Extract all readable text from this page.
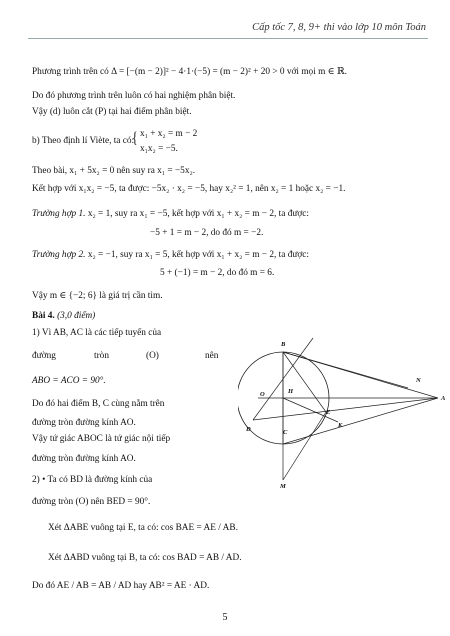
Cấp tốc 7, 8, 9+ thi vào lớp 10 môn Toán
Phương trình trên có Δ = [−(m − 2)]² − 4·1·(−5) = (m − 2)² + 20 > 0 với mọi m ∈ ℝ.
Do đó phương trình trên luôn có hai nghiệm phân biệt.
Vậy (d) luôn cắt (P) tại hai điểm phân biệt.
b) Theo định lí Viète, ta có:
{ x₁ + x₂ = m − 2
x₁x₂ = −5.
Theo bài, x₁ + 5x₂ = 0 nên suy ra x₁ = −5x₂.
Kết hợp với x₁x₂ = −5, ta được: −5x₂ · x₂ = −5, hay x₂² = 1, nên x₂ = 1 hoặc x₂ = −1.
Trường hợp 1. x₂ = 1, suy ra x₁ = −5, kết hợp với x₁ + x₂ = m − 2, ta được:
−5 + 1 = m − 2, do đó m = −2.
Trường hợp 2. x₂ = −1, suy ra x₁ = 5, kết hợp với x₁ + x₂ = m − 2, ta được:
5 + (−1) = m − 2, do đó m = 6.
Vậy m ∈ {−2; 6} là giá trị cần tìm.
Bài 4. (3,0 điểm)
1) Vì AB, AC là các tiếp tuyến của
đường	tròn	(O)	nên
ABO = ACO = 90°.
Do đó hai điểm B, C cùng nằm trên
đường tròn đường kính AO.
Vậy tứ giác ABOC là tứ giác nội tiếp
đường tròn đường kính AO.
2) • Ta có BD là đường kính của
đường tròn (O) nên BED = 90°.
Xét ΔABE vuông tại E, ta có: cos BAE = AE / AB.
Xét ΔABD vuông tại B, ta có: cos BAD = AB / AD.
Do đó AE / AB = AB / AD hay AB² = AE · AD.
B
N
O	H
A
E
K
D	C
M
5
